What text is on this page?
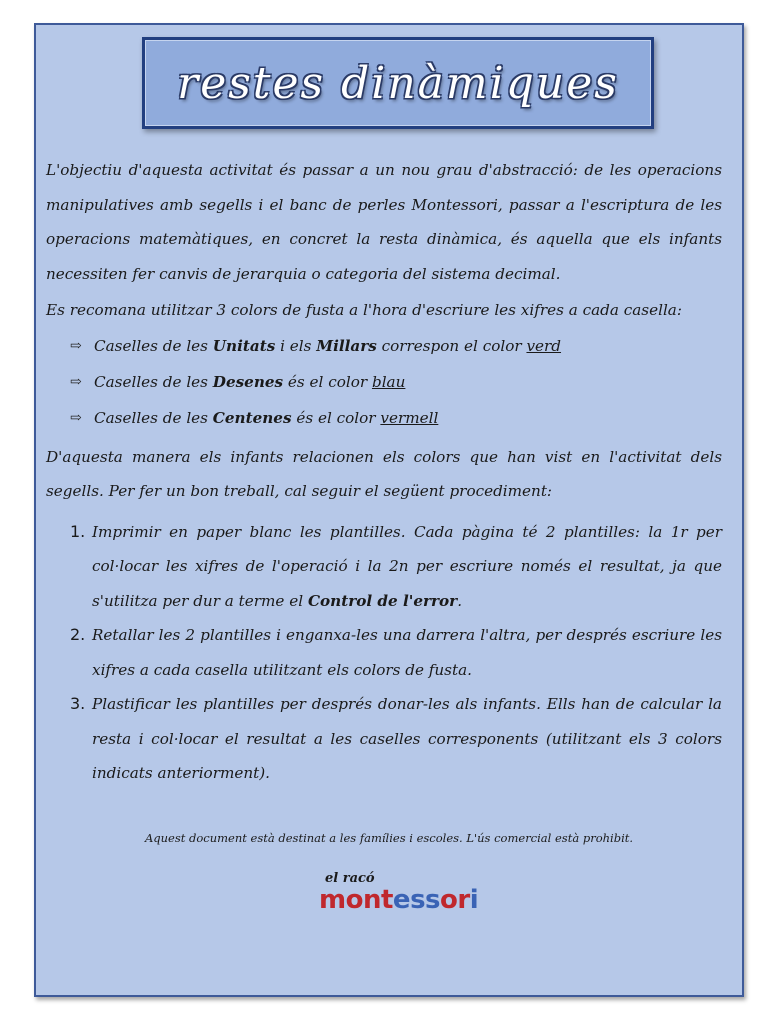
restes dinàmiques

L'objectiu d'aquesta activitat és passar a un nou grau d'abstracció: de les operacions manipulatives amb segells i el banc de perles Montessori, passar a l'escriptura de les operacions matemàtiques, en concret la resta dinàmica, és aquella que els infants necessiten fer canvis de jerarquia o categoria del sistema decimal.

Es recomana utilitzar 3 colors de fusta a l'hora d'escriure les xifres a cada casella:

⇨ Caselles de les Unitats i els Millars correspon el color verd
⇨ Caselles de les Desenes és el color blau
⇨ Caselles de les Centenes és el color vermell

D'aquesta manera els infants relacionen els colors que han vist en l'activitat dels segells. Per fer un bon treball, cal seguir el següent procediment:

1. Imprimir en paper blanc les plantilles. Cada pàgina té 2 plantilles: la 1r per col·locar les xifres de l'operació i la 2n per escriure només el resultat, ja que s'utilitza per dur a terme el Control de l'error.
2. Retallar les 2 plantilles i enganxa-les una darrera l'altra, per després escriure les xifres a cada casella utilitzant els colors de fusta.
3. Plastificar les plantilles per després donar-les als infants. Ells han de calcular la resta i col·locar el resultat a les caselles corresponents (utilitzant els 3 colors indicats anteriorment).
Aquest document està destinat a les famílies i escoles. L'ús comercial està prohibit.
el racó
montessori
